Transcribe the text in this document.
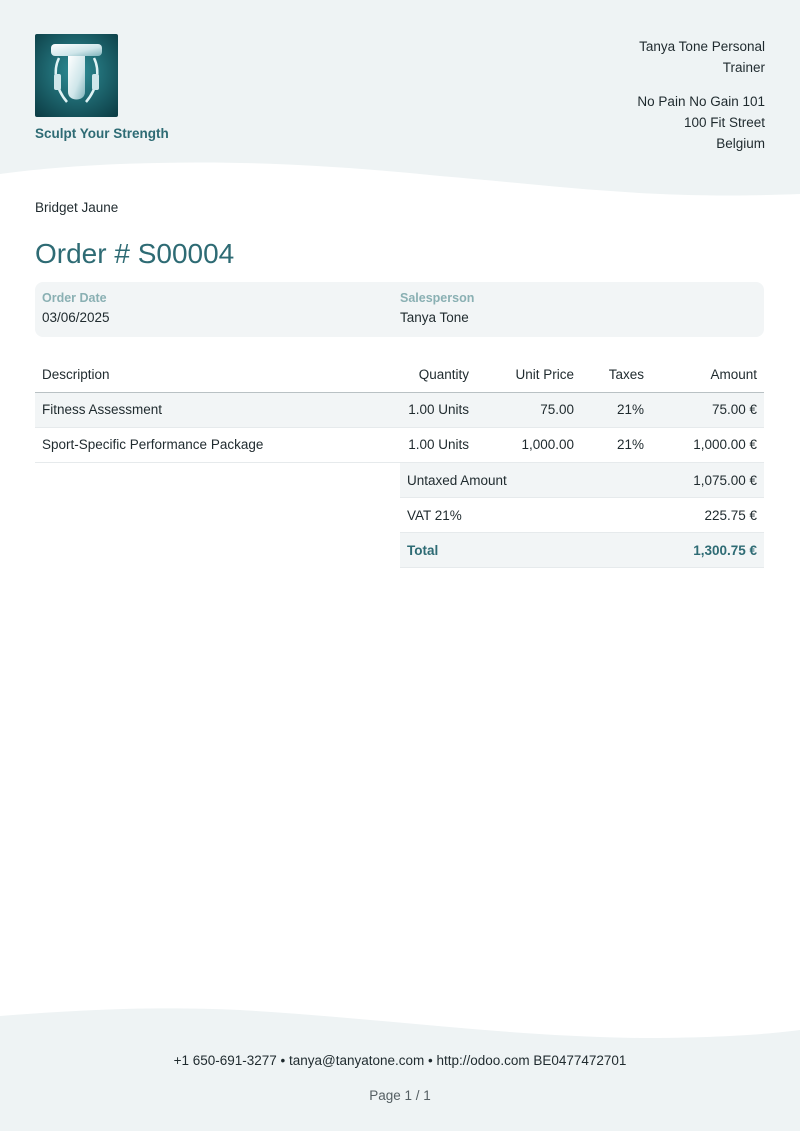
Sculpt Your Strength
Tanya Tone Personal Trainer
No Pain No Gain 101
100 Fit Street
Belgium
Bridget Jaune
Order # S00004
Order Date
03/06/2025
Salesperson
Tanya Tone
Description	Quantity	Unit Price	Taxes	Amount
Fitness Assessment	1.00 Units	75.00	21%	75.00 €
Sport-Specific Performance Package	1.00 Units	1,000.00	21%	1,000.00 €
Untaxed Amount	1,075.00 €
VAT 21%	225.75 €
Total	1,300.75 €
+1 650-691-3277 • tanya@tanyatone.com • http://odoo.com BE0477472701
Page 1 / 1
